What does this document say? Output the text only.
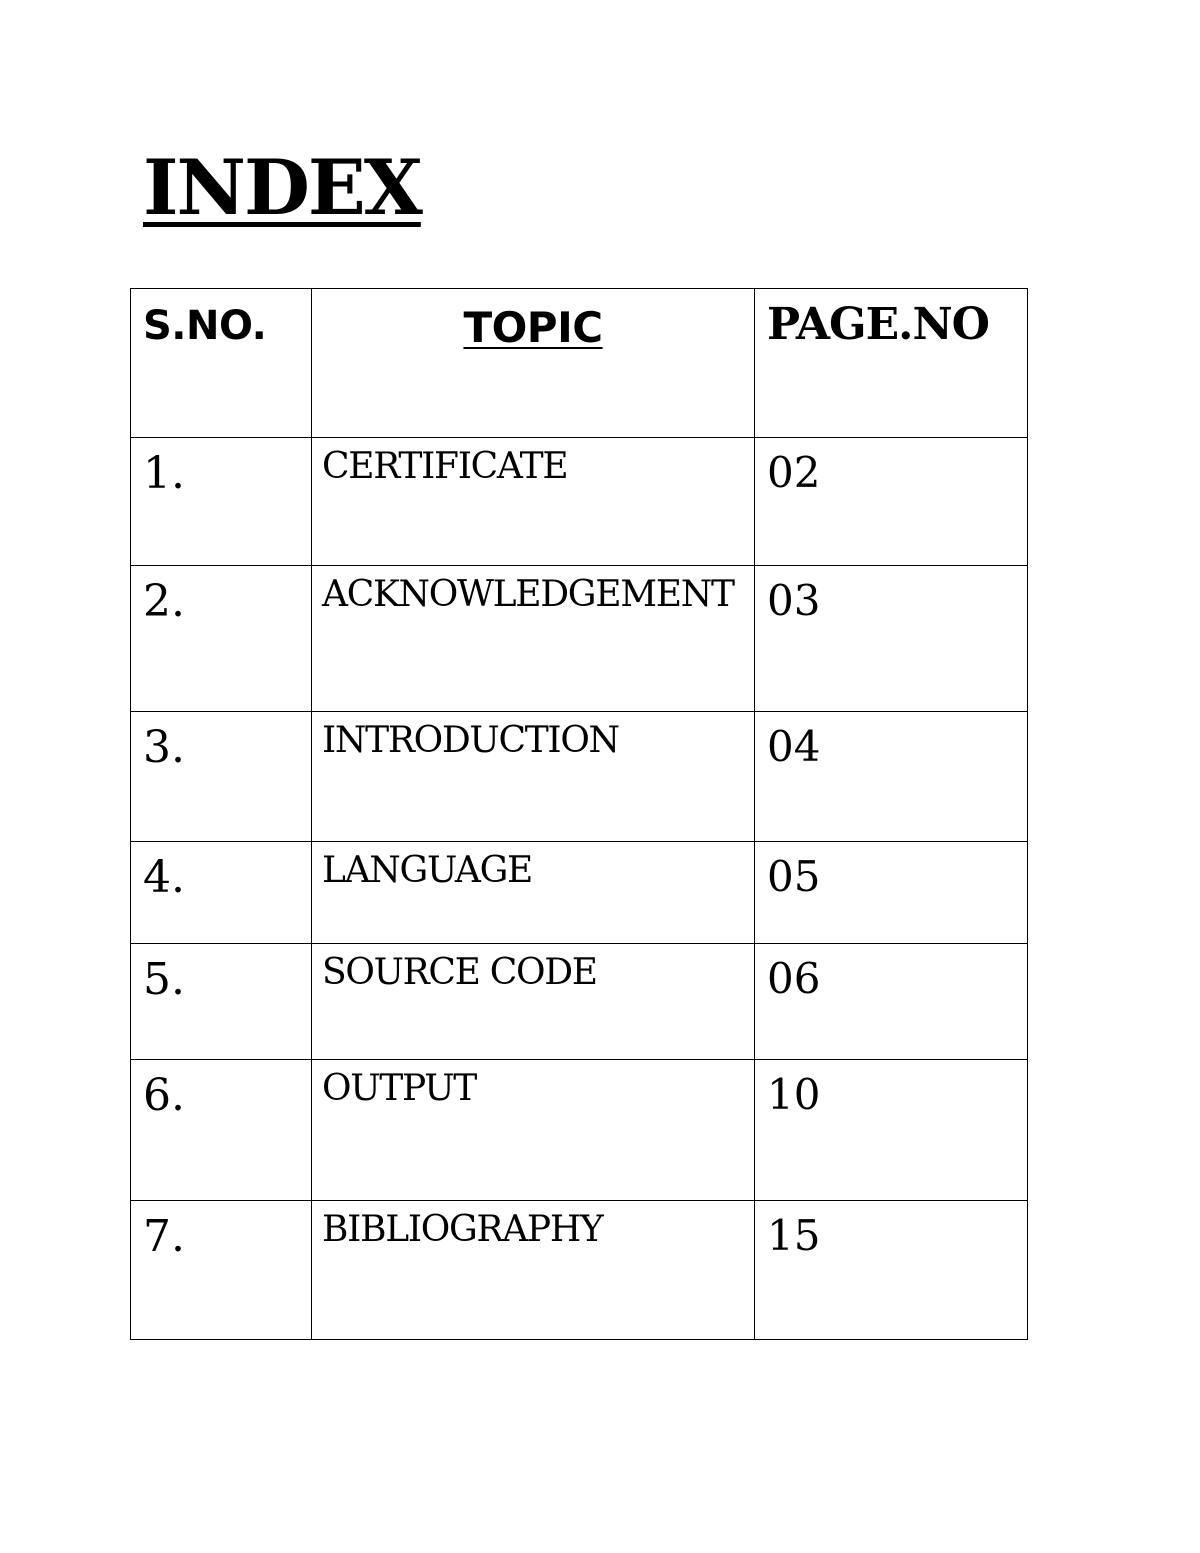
INDEX
S.NO.	TOPIC	PAGE.NO
1.	CERTIFICATE	02
2.	ACKNOWLEDGEMENT	03
3.	INTRODUCTION	04
4.	LANGUAGE	05
5.	SOURCE CODE	06
6.	OUTPUT	10
7.	BIBLIOGRAPHY	15
